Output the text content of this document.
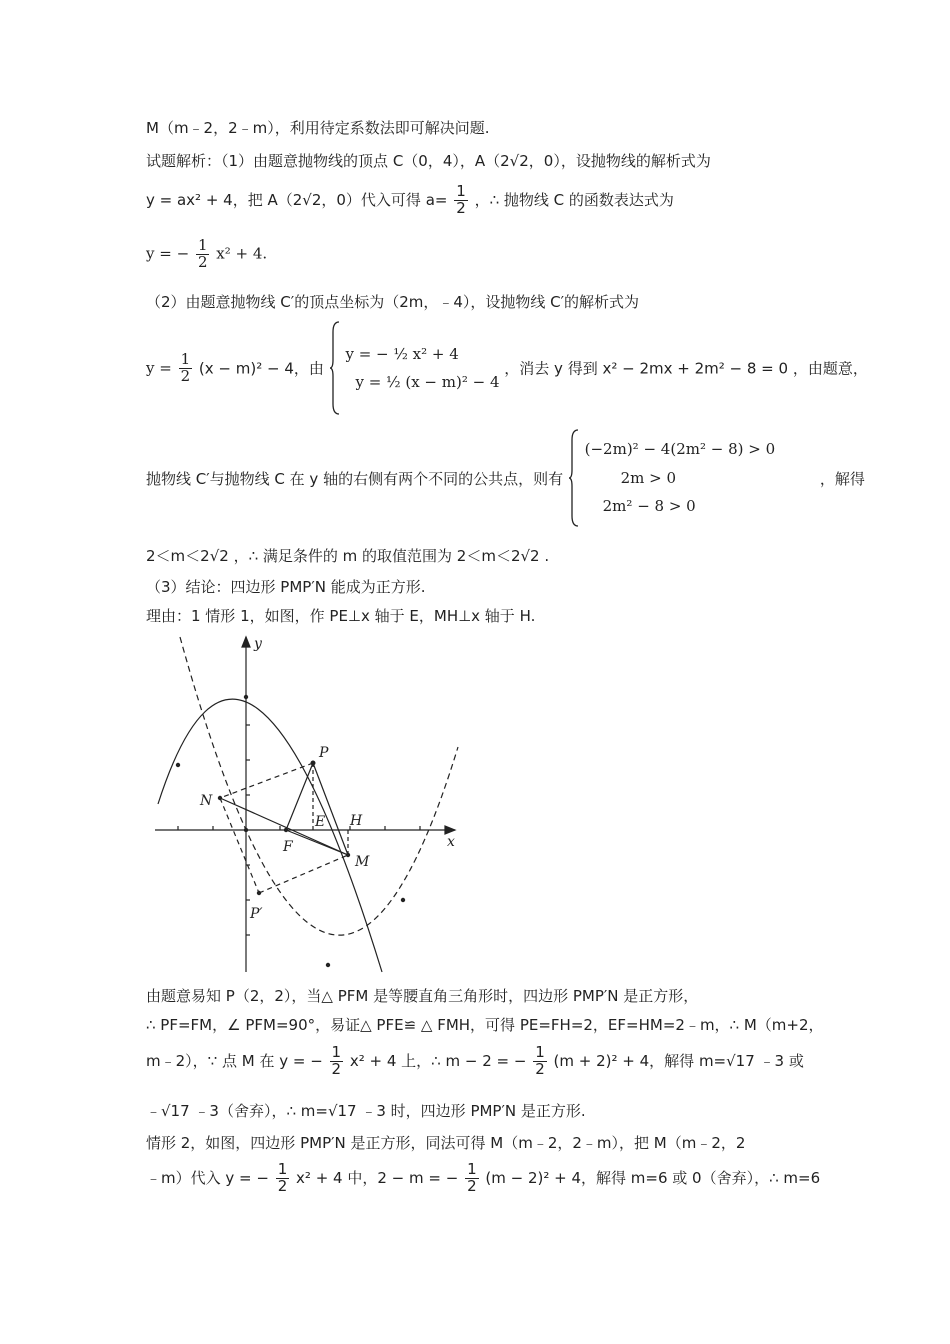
M（m﹣2，2﹣m），利用待定系数法即可解决问题.
试题解析：（1）由题意抛物线的顶点 C（0，4），A（2√2，0），设抛物线的解析式为
y = ax² + 4，把 A（2√2，0）代入可得 $a= \frac{1}{2}$ ，∴ 抛物线 C 的函数表达式为
y = − $\frac{1}{2} x^2 + 4$.
（2）由题意抛物线 C′的顶点坐标为（2m，﹣4），设抛物线 C′的解析式为
$y = \frac{1}{2} (x - m)^2 - 4$，由
y = − ½ x² + 4
y = ½ (x − m)² − 4
，消去 y 得到 x² − 2mx + 2m² − 8 = 0 ，由题意，
抛物线 C′与抛物线 C 在 y 轴的右侧有两个不同的公共点，则有
(−2m)² − 4(2m² − 8) > 0
2m > 0
2m² − 8 > 0
，解得
2＜m＜2√2 ，∴ 满足条件的 m 的取值范围为 2＜m＜2√2 .
（3）结论：四边形 PMP′N 能成为正方形.
理由：1 情形 1，如图，作 PE⊥x 轴于 E，MH⊥x 轴于 H.
y
x
P
N
E H
F
M
P′
由题意易知 P（2，2），当△ PFM 是等腰直角三角形时，四边形 PMP′N 是正方形，
∴ PF=FM，∠ PFM=90°，易证△ PFE≌ △ FMH，可得 PE=FH=2，EF=HM=2﹣m，∴ M（m+2，
m﹣2），∵ 点 M 在 y = − $\frac{1}{2} x^2 + 4$ 上，∴ m − 2 = − $\frac{1}{2} (m + 2)^2 + 4$，解得 m=√17 ﹣3 或
﹣√17 ﹣3（舍弃），∴ m=√17 ﹣3 时，四边形 PMP′N 是正方形.
情形 2，如图，四边形 PMP′N 是正方形，同法可得 M（m﹣2，2﹣m），把 M（m﹣2，2
﹣m）代入 y = − $\frac{1}{2} x^2 + 4$ 中，2 − m = − $\frac{1}{2} (m - 2)^2 + 4$，解得 m=6 或 0（舍弃），∴ m=6
